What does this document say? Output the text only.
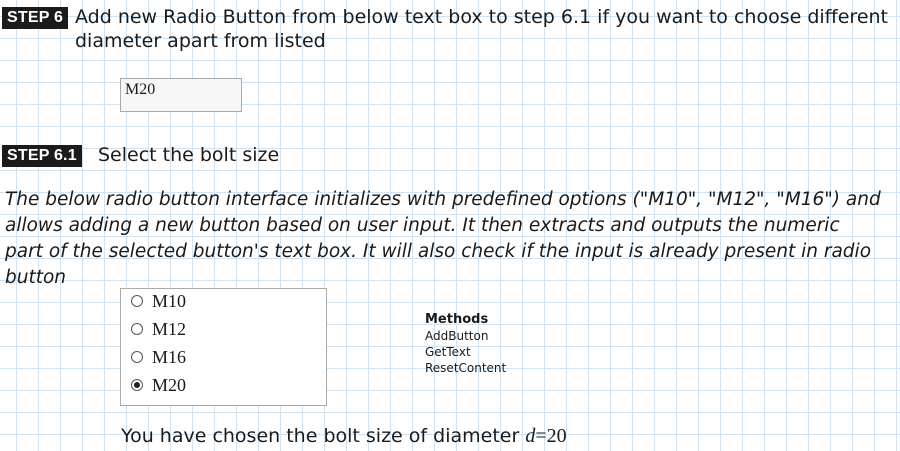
STEP 6 Add new Radio Button from below text box to step 6.1 if you want to choose different
diameter apart from listed
M20
STEP 6.1 Select the bolt size
The below radio button interface initializes with predefined options ("M10", "M12", "M16") and
allows adding a new button based on user input. It then extracts and outputs the numeric
part of the selected button's text box. It will also check if the input is already present in radio
button
M10
M12
M16
M20
Methods
AddButton
GetText
ResetContent
You have chosen the bolt size of diameter d=20
